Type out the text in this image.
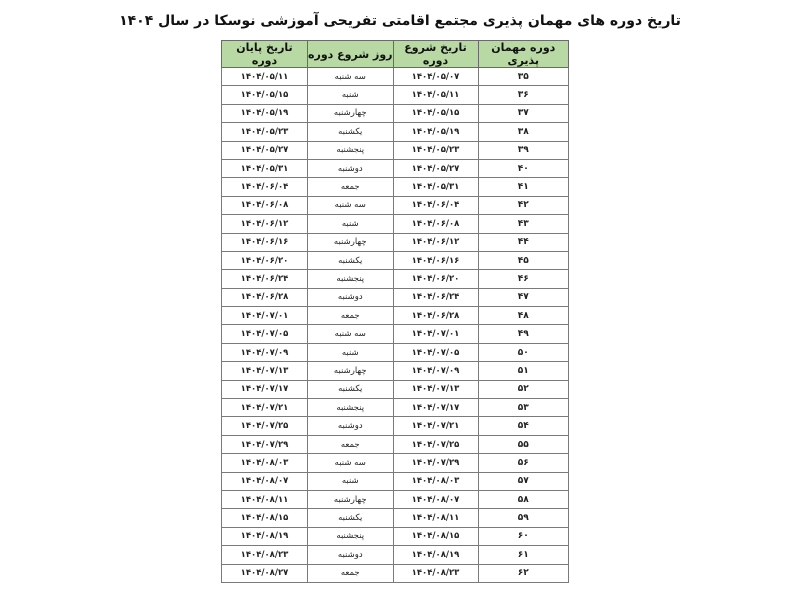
تاریخ دوره های مهمان پذیری مجتمع اقامتی تفریحی آموزشی نوسکا در سال ۱۴۰۴
دوره مهمان پذیری	تاریخ شروع دوره	روز شروع دوره	تاریخ پایان دوره
۳۵	۱۴۰۴/۰۵/۰۷	سه شنبه	۱۴۰۴/۰۵/۱۱
۳۶	۱۴۰۴/۰۵/۱۱	شنبه	۱۴۰۴/۰۵/۱۵
۳۷	۱۴۰۴/۰۵/۱۵	چهارشنبه	۱۴۰۴/۰۵/۱۹
۳۸	۱۴۰۴/۰۵/۱۹	یکشنبه	۱۴۰۴/۰۵/۲۳
۳۹	۱۴۰۴/۰۵/۲۳	پنجشنبه	۱۴۰۴/۰۵/۲۷
۴۰	۱۴۰۴/۰۵/۲۷	دوشنبه	۱۴۰۴/۰۵/۳۱
۴۱	۱۴۰۴/۰۵/۳۱	جمعه	۱۴۰۴/۰۶/۰۴
۴۲	۱۴۰۴/۰۶/۰۴	سه شنبه	۱۴۰۴/۰۶/۰۸
۴۳	۱۴۰۴/۰۶/۰۸	شنبه	۱۴۰۴/۰۶/۱۲
۴۴	۱۴۰۴/۰۶/۱۲	چهارشنبه	۱۴۰۴/۰۶/۱۶
۴۵	۱۴۰۴/۰۶/۱۶	یکشنبه	۱۴۰۴/۰۶/۲۰
۴۶	۱۴۰۴/۰۶/۲۰	پنجشنبه	۱۴۰۴/۰۶/۲۴
۴۷	۱۴۰۴/۰۶/۲۴	دوشنبه	۱۴۰۴/۰۶/۲۸
۴۸	۱۴۰۴/۰۶/۲۸	جمعه	۱۴۰۴/۰۷/۰۱
۴۹	۱۴۰۴/۰۷/۰۱	سه شنبه	۱۴۰۴/۰۷/۰۵
۵۰	۱۴۰۴/۰۷/۰۵	شنبه	۱۴۰۴/۰۷/۰۹
۵۱	۱۴۰۴/۰۷/۰۹	چهارشنبه	۱۴۰۴/۰۷/۱۳
۵۲	۱۴۰۴/۰۷/۱۳	یکشنبه	۱۴۰۴/۰۷/۱۷
۵۳	۱۴۰۴/۰۷/۱۷	پنجشنبه	۱۴۰۴/۰۷/۲۱
۵۴	۱۴۰۴/۰۷/۲۱	دوشنبه	۱۴۰۴/۰۷/۲۵
۵۵	۱۴۰۴/۰۷/۲۵	جمعه	۱۴۰۴/۰۷/۲۹
۵۶	۱۴۰۴/۰۷/۲۹	سه شنبه	۱۴۰۴/۰۸/۰۳
۵۷	۱۴۰۴/۰۸/۰۳	شنبه	۱۴۰۴/۰۸/۰۷
۵۸	۱۴۰۴/۰۸/۰۷	چهارشنبه	۱۴۰۴/۰۸/۱۱
۵۹	۱۴۰۴/۰۸/۱۱	یکشنبه	۱۴۰۴/۰۸/۱۵
۶۰	۱۴۰۴/۰۸/۱۵	پنجشنبه	۱۴۰۴/۰۸/۱۹
۶۱	۱۴۰۴/۰۸/۱۹	دوشنبه	۱۴۰۴/۰۸/۲۳
۶۲	۱۴۰۴/۰۸/۲۳	جمعه	۱۴۰۴/۰۸/۲۷
